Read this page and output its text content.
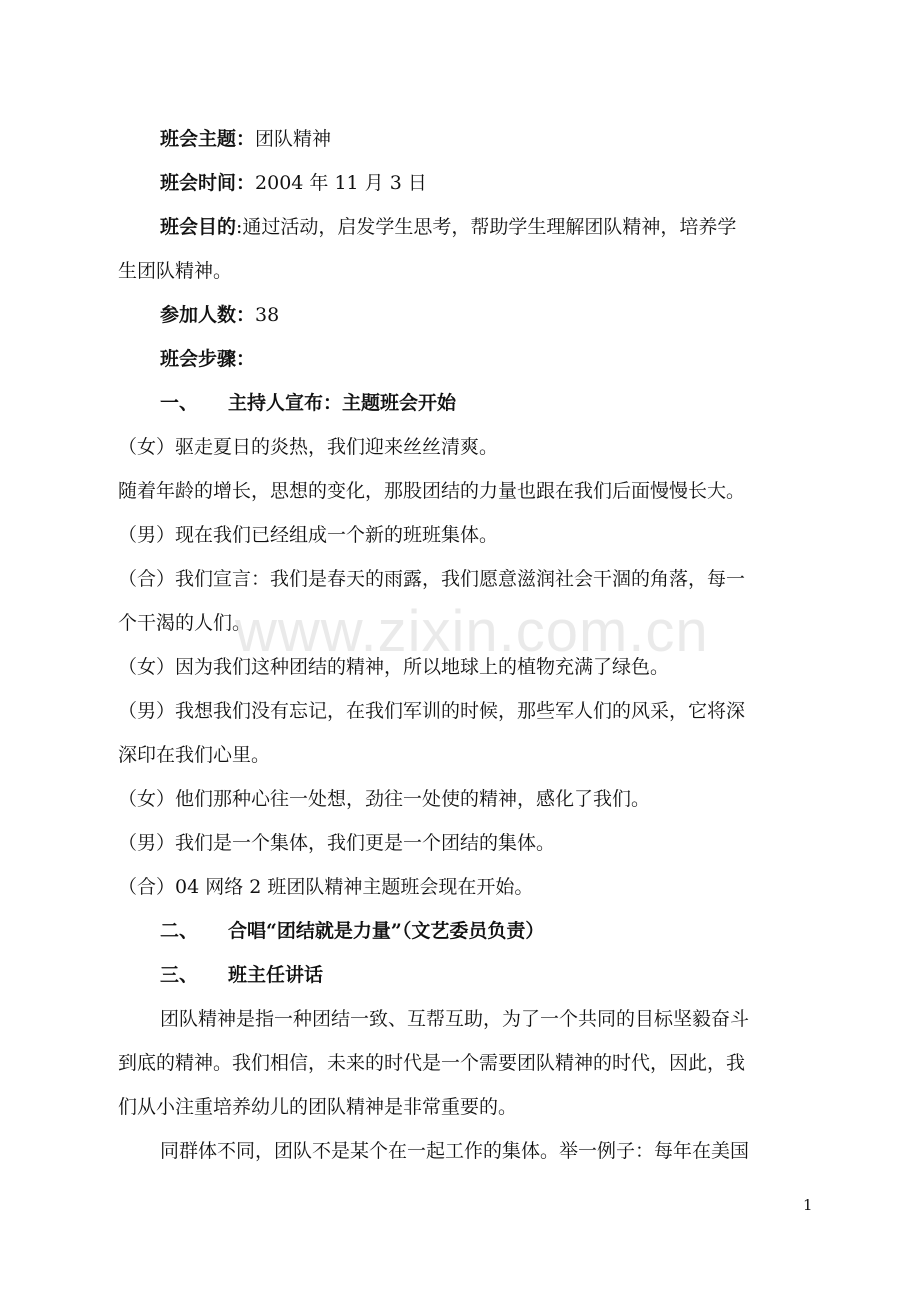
班会主题：团队精神
班会时间：2004 年 11 月 3 日
班会目的:通过活动，启发学生思考，帮助学生理解团队精神，培养学
生团队精神。
参加人数：38
班会步骤：
一、 主持人宣布：主题班会开始
（女）驱走夏日的炎热，我们迎来丝丝清爽。
随着年龄的增长，思想的变化，那股团结的力量也跟在我们后面慢慢长大。
（男）现在我们已经组成一个新的班班集体。
（合）我们宣言：我们是春天的雨露，我们愿意滋润社会干涸的角落，每一
个干渴的人们。
（女）因为我们这种团结的精神，所以地球上的植物充满了绿色。
（男）我想我们没有忘记，在我们军训的时候，那些军人们的风采，它将深
深印在我们心里。
（女）他们那种心往一处想，劲往一处使的精神，感化了我们。
（男）我们是一个集体，我们更是一个团结的集体。
（合）04 网络 2 班团队精神主题班会现在开始。
二、 合唱“团结就是力量”（文艺委员负责）
三、 班主任讲话
团队精神是指一种团结一致、互帮互助，为了一个共同的目标坚毅奋斗
到底的精神。我们相信，未来的时代是一个需要团队精神的时代，因此，我
们从小注重培养幼儿的团队精神是非常重要的。
同群体不同，团队不是某个在一起工作的集体。举一例子：每年在美国
www.zixin.com.cn
1
